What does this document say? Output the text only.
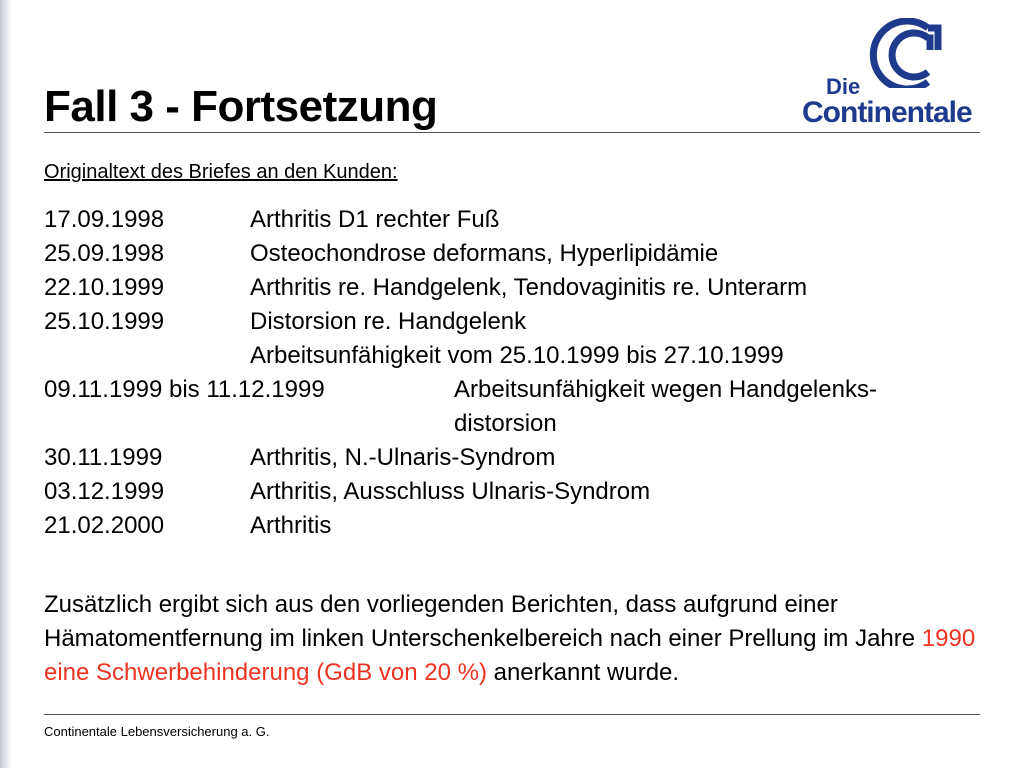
Fall 3 - Fortsetzung	Die
Continentale
Originaltext des Briefes an den Kunden:
17.09.1998	Arthritis D1 rechter Fuß
25.09.1998	Osteochondrose deformans, Hyperlipidämie
22.10.1999	Arthritis re. Handgelenk, Tendovaginitis re. Unterarm
25.10.1999	Distorsion re. Handgelenk
Arbeitsunfähigkeit vom 25.10.1999 bis 27.10.1999
09.11.1999 bis 11.12.1999	Arbeitsunfähigkeit wegen Handgelenks-
distorsion
30.11.1999	Arthritis, N.-Ulnaris-Syndrom
03.12.1999	Arthritis, Ausschluss Ulnaris-Syndrom
21.02.2000	Arthritis

Zusätzlich ergibt sich aus den vorliegenden Berichten, dass aufgrund einer Hämatomentfernung im linken Unterschenkelbereich nach einer Prellung im Jahre 1990 eine Schwerbehinderung (GdB von 20 %) anerkannt wurde.

Continentale Lebensversicherung a. G.
